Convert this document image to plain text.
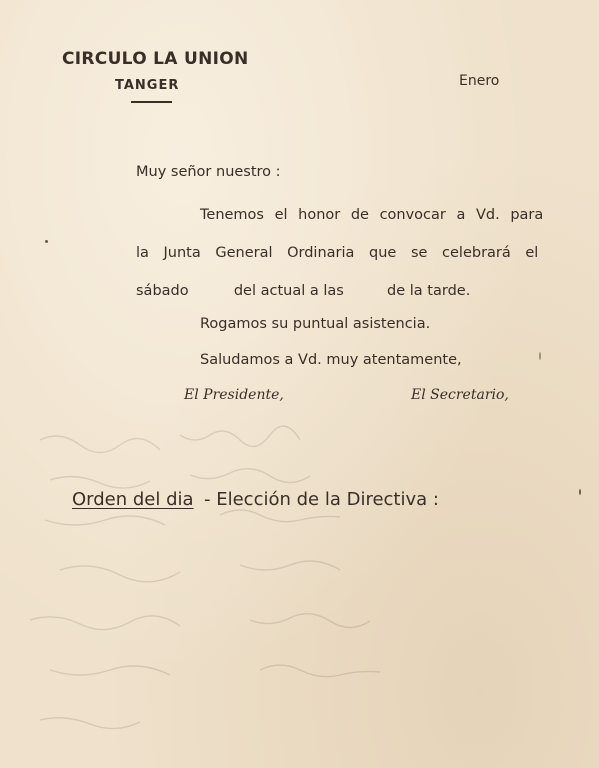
CIRCULO LA UNION
TANGER	Enero
Muy señor nuestro :
Tenemos el honor de convocar a Vd. para
la Junta General Ordinaria que se celebrará el
sábado	del actual a las	de la tarde.
Rogamos su puntual asistencia.
Saludamos a Vd. muy atentamente,
El Presidente,	El Secretario,
Orden del dia - Elección de la Directiva :
